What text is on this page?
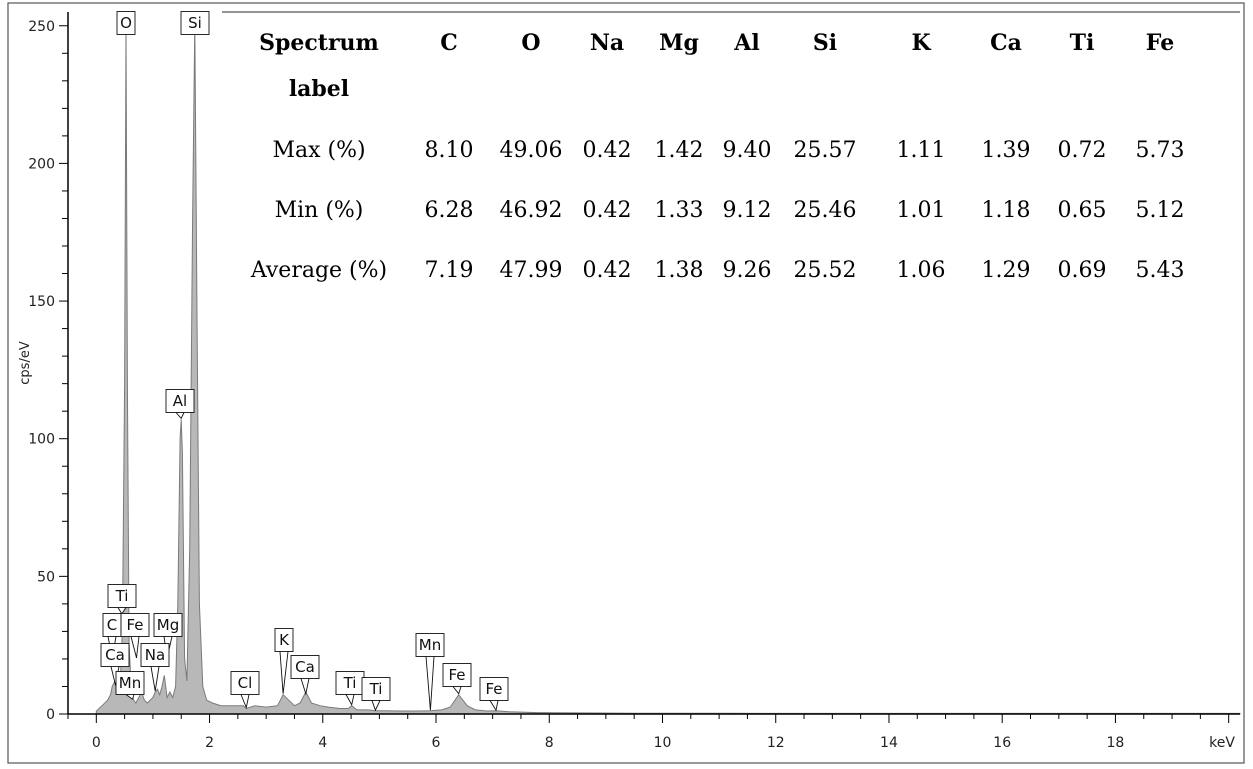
0
50
100
150
200
250
0	2	4	6	8	10	12	14	16	18	keV
cps/eV
O	Si
Al
Ti
C
Ca
Fe Mg
Na
Mn	Cl
K
Ca
Ti Ti
Mn
Fe
Fe
Spectrum
label
C	O Na Mg Al Si	K	Ca Ti Fe
Max (%)	8.10 49.06 0.42 1.42 9.40 25.57 1.11 1.39 0.72 5.73
Min (%)	6.28 46.92 0.42 1.33 9.12 25.46 1.01 1.18 0.65 5.12
Average (%) 7.19 47.99 0.42 1.38 9.26 25.52 1.06 1.29 0.69 5.43
